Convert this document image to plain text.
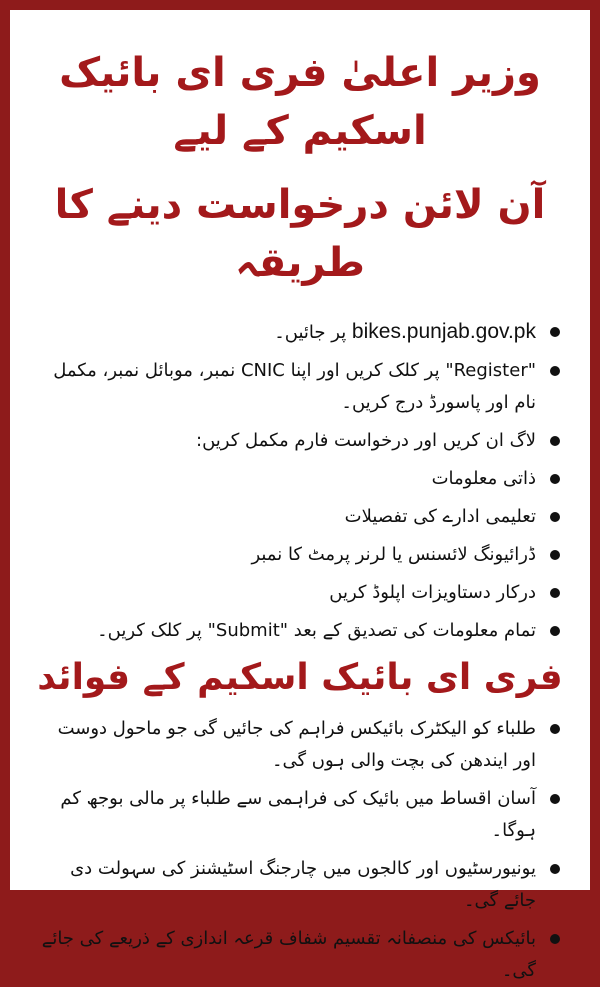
وزیر اعلیٰ فری ای بائیک اسکیم کے لیے
آن لائن درخواست دینے کا طریقہ
bikes.punjab.gov.pk پر جائیں۔
"Register" پر کلک کریں اور اپنا CNIC نمبر، موبائل نمبر، مکمل نام اور پاسورڈ درج کریں۔
لاگ ان کریں اور درخواست فارم مکمل کریں:
ذاتی معلومات
تعلیمی ادارے کی تفصیلات
ڈرائیونگ لائسنس یا لرنر پرمٹ کا نمبر
درکار دستاویزات اپلوڈ کریں
تمام معلومات کی تصدیق کے بعد "Submit" پر کلک کریں۔
فری ای بائیک اسکیم کے فوائد
طلباء کو الیکٹرک بائیکس فراہم کی جائیں گی جو ماحول دوست اور ایندھن کی بچت والی ہوں گی۔
آسان اقساط میں بائیک کی فراہمی سے طلباء پر مالی بوجھ کم ہوگا۔
یونیورسٹیوں اور کالجوں میں چارجنگ اسٹیشنز کی سہولت دی جائے گی۔
بائیکس کی منصفانہ تقسیم شفاف قرعہ اندازی کے ذریعے کی جائے گی۔
